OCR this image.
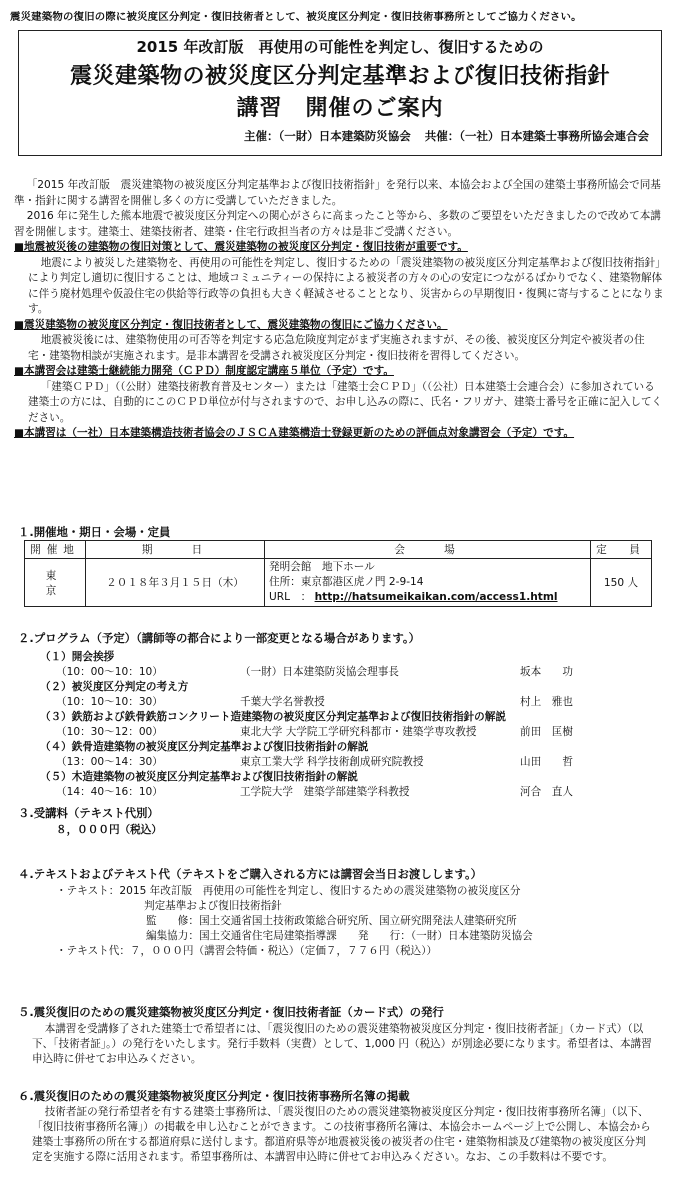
震災建築物の復旧の際に被災度区分判定・復旧技術者として、被災度区分判定・復旧技術事務所としてご協力ください。
2015 年改訂版　再使用の可能性を判定し、復旧するための
震災建築物の被災度区分判定基準および復旧技術指針
講習　開催のご案内
主催：（一財）日本建築防災協会 共催：（一社）日本建築士事務所協会連合会

「2015 年改訂版　震災建築物の被災度区分判定基準および復旧技術指針」を発行以来、本協会および全国の建築士事務所協会で同基準・指針に関する講習を開催し多くの方に受講していただきました。

2016 年に発生した熊本地震で被災度区分判定への関心がさらに高まったこと等から、多数のご要望をいただきましたので改めて本講習を開催します。建築士、建築技術者、建築・住宅行政担当者の方々は是非ご受講ください。

■地震被災後の建築物の復旧対策として、震災建築物の被災度区分判定・復旧技術が重要です。

地震により被災した建築物を、再使用の可能性を判定し、復旧するための「震災建築物の被災度区分判定基準および復旧技術指針」により判定し適切に復旧することは、地域コミュニティーの保持による被災者の方々の心の安定につながるばかりでなく、建築物解体に伴う廃材処理や仮設住宅の供給等行政等の負担も大きく軽減させることとなり、災害からの早期復旧・復興に寄与することになります。

■震災建築物の被災度区分判定・復旧技術者として、震災建築物の復旧にご協力ください。

地震被災後には、建築物使用の可否等を判定する応急危険度判定がまず実施されますが、その後、被災度区分判定や被災者の住宅・建築物相談が実施されます。是非本講習を受講され被災度区分判定・復旧技術を習得してください。

■本講習会は建築士継続能力開発（ＣＰＤ）制度認定講座５単位（予定）です。

「建築ＣＰＤ」（（公財）建築技術教育普及センター）または「建築士会ＣＰＤ」（（公社）日本建築士会連合会）に参加されている建築士の方には、自動的にこのＣＰＤ単位が付与されますので、お申し込みの際に、氏名・フリガナ、建築士番号を正確に記入してください。

■本講習は（一社）日本建築構造技術者協会のＪＳＣＡ建築構造士登録更新のための評価点対象講習会（予定）です。

１.開催地・期日・会場・定員
開催地	期　　日	会　　場	定　員
東　京	２０１８年３月１５日（木）	発明会館　地下ホール
住所：東京都港区虎ノ門 2-9-14
URL　： http://hatsumeikaikan.com/access1.html	150 人
２.プログラム（予定）（講師等の都合により一部変更となる場合があります。）
（１）開会挨拶
（10：00〜10：10）	（一財）日本建築防災協会理事長	坂本　　功
（２）被災度区分判定の考え方
（10：10〜10：30）	千葉大学名誉教授	村上　雅也
（３）鉄筋および鉄骨鉄筋コンクリート造建築物の被災度区分判定基準および復旧技術指針の解説
（10：30〜12：00）	東北大学 大学院工学研究科都市・建築学専攻教授	前田　匡樹
（４）鉄骨造建築物の被災度区分判定基準および復旧技術指針の解説
（13：00〜14：30）	東京工業大学 科学技術創成研究院教授	山田　　哲
（５）木造建築物の被災度区分判定基準および復旧技術指針の解説
（14：40〜16：10）	工学院大学　建築学部建築学科教授	河合　直人
３.受講料（テキスト代別）
８，０００円（税込）
４.テキストおよびテキスト代（テキストをご購入される方には講習会当日お渡しします。）
・テキスト：2015 年改訂版　再使用の可能性を判定し、復旧するための震災建築物の被災度区分
判定基準および復旧技術指針
監　　修：国土交通省国土技術政策総合研究所、国立研究開発法人建築研究所
編集協力：国土交通省住宅局建築指導課　　発　　行：（一財）日本建築防災協会
・テキスト代：７，０００円（講習会特価・税込）（定価７，７７６円（税込））
５.震災復旧のための震災建築物被災度区分判定・復旧技術者証（カード式）の発行
本講習を受講修了された建築士で希望者には、「震災復旧のための震災建築物被災度区分判定・復旧技術者証」（カード式）（以下、「技術者証」。）の発行をいたします。発行手数料（実費）として、1,000 円（税込）が別途必要になります。希望者は、本講習申込時に併せてお申込みください。
６.震災復旧のための震災建築物被災度区分判定・復旧技術事務所名簿の掲載
技術者証の発行希望者を有する建築士事務所は、「震災復旧のための震災建築物被災度区分判定・復旧技術事務所名簿」（以下、「復旧技術事務所名簿」）の掲載を申し込むことができます。この技術事務所名簿は、本協会ホームページ上で公開し、本協会から建築士事務所の所在する都道府県に送付します。都道府県等が地震被災後の被災者の住宅・建築物相談及び建築物の被災度区分判定を実施する際に活用されます。希望事務所は、本講習申込時に併せてお申込みください。なお、この手数料は不要です。
